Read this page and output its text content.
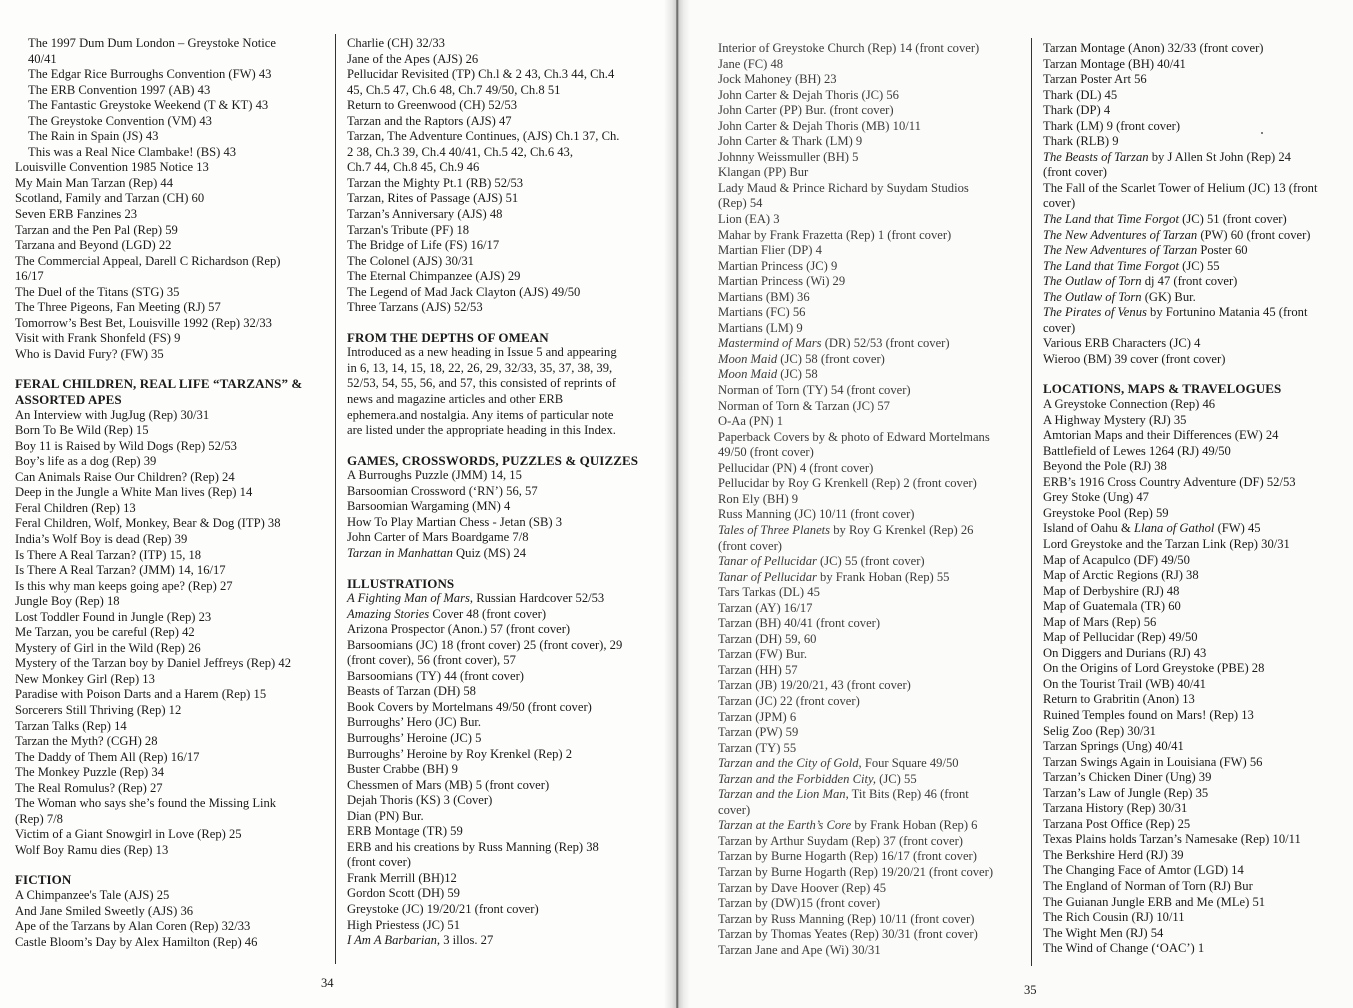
The 1997 Dum Dum London – Greystoke Notice
40/41
The Edgar Rice Burroughs Convention (FW) 43
The ERB Convention 1997 (AB) 43
The Fantastic Greystoke Weekend (T & KT) 43
The Greystoke Convention (VM) 43
The Rain in Spain (JS) 43
This was a Real Nice Clambake! (BS) 43
Louisville Convention 1985 Notice 13
My Main Man Tarzan (Rep) 44
Scotland, Family and Tarzan (CH) 60
Seven ERB Fanzines 23
Tarzan and the Pen Pal (Rep) 59
Tarzana and Beyond (LGD) 22
The Commercial Appeal, Darell C Richardson (Rep)
16/17
The Duel of the Titans (STG) 35
The Three Pigeons, Fan Meeting (RJ) 57
Tomorrow’s Best Bet, Louisville 1992 (Rep) 32/33
Visit with Frank Shonfeld (FS) 9
Who is David Fury? (FW) 35
FERAL CHILDREN, REAL LIFE “TARZANS” &
ASSORTED APES
An Interview with JugJug (Rep) 30/31
Born To Be Wild (Rep) 15
Boy 11 is Raised by Wild Dogs (Rep) 52/53
Boy’s life as a dog (Rep) 39
Can Animals Raise Our Children? (Rep) 24
Deep in the Jungle a White Man lives (Rep) 14
Feral Children (Rep) 13
Feral Children, Wolf, Monkey, Bear & Dog (ITP) 38
India’s Wolf Boy is dead (Rep) 39
Is There A Real Tarzan? (ITP) 15, 18
Is There A Real Tarzan? (JMM) 14, 16/17
Is this why man keeps going ape? (Rep) 27
Jungle Boy (Rep) 18
Lost Toddler Found in Jungle (Rep) 23
Me Tarzan, you be careful (Rep) 42
Mystery of Girl in the Wild (Rep) 26
Mystery of the Tarzan boy by Daniel Jeffreys (Rep) 42
New Monkey Girl (Rep) 13
Paradise with Poison Darts and a Harem (Rep) 15
Sorcerers Still Thriving (Rep) 12
Tarzan Talks (Rep) 14
Tarzan the Myth? (CGH) 28
The Daddy of Them All (Rep) 16/17
The Monkey Puzzle (Rep) 34
The Real Romulus? (Rep) 27
The Woman who says she’s found the Missing Link
(Rep) 7/8
Victim of a Giant Snowgirl in Love (Rep) 25
Wolf Boy Ramu dies (Rep) 13
FICTION
A Chimpanzee's Tale (AJS) 25
And Jane Smiled Sweetly (AJS) 36
Ape of the Tarzans by Alan Coren (Rep) 32/33
Castle Bloom’s Day by Alex Hamilton (Rep) 46
Charlie (CH) 32/33
Jane of the Apes (AJS) 26
Pellucidar Revisited (TP) Ch.l & 2 43, Ch.3 44, Ch.4
45, Ch.5 47, Ch.6 48, Ch.7 49/50, Ch.8 51
Return to Greenwood (CH) 52/53
Tarzan and the Raptors (AJS) 47
Tarzan, The Adventure Continues, (AJS) Ch.1 37, Ch.
2 38, Ch.3 39, Ch.4 40/41, Ch.5 42, Ch.6 43,
Ch.7 44, Ch.8 45, Ch.9 46
Tarzan the Mighty Pt.1 (RB) 52/53
Tarzan, Rites of Passage (AJS) 51
Tarzan’s Anniversary (AJS) 48
Tarzan's Tribute (PF) 18
The Bridge of Life (FS) 16/17
The Colonel (AJS) 30/31
The Eternal Chimpanzee (AJS) 29
The Legend of Mad Jack Clayton (AJS) 49/50
Three Tarzans (AJS) 52/53
FROM THE DEPTHS OF OMEAN
Introduced as a new heading in Issue 5 and appearing
in 6, 13, 14, 15, 18, 22, 26, 29, 32/33, 35, 37, 38, 39,
52/53, 54, 55, 56, and 57, this consisted of reprints of
news and magazine articles and other ERB
ephemera.and nostalgia. Any items of particular note
are listed under the appropriate heading in this Index.
GAMES, CROSSWORDS, PUZZLES & QUIZZES
A Burroughs Puzzle (JMM) 14, 15
Barsoomian Crossword (‘RN’) 56, 57
Barsoomian Wargaming (MN) 4
How To Play Martian Chess - Jetan (SB) 3
John Carter of Mars Boardgame 7/8
Tarzan in Manhattan Quiz (MS) 24
ILLUSTRATIONS
A Fighting Man of Mars, Russian Hardcover 52/53
Amazing Stories Cover 48 (front cover)
Arizona Prospector (Anon.) 57 (front cover)
Barsoomians (JC) 18 (front cover) 25 (front cover), 29
(front cover), 56 (front cover), 57
Barsoomians (TY) 44 (front cover)
Beasts of Tarzan (DH) 58
Book Covers by Mortelmans 49/50 (front cover)
Burroughs’ Hero (JC) Bur.
Burroughs’ Heroine (JC) 5
Burroughs’ Heroine by Roy Krenkel (Rep) 2
Buster Crabbe (BH) 9
Chessmen of Mars (MB) 5 (front cover)
Dejah Thoris (KS) 3 (Cover)
Dian (PN) Bur.
ERB Montage (TR) 59
ERB and his creations by Russ Manning (Rep) 38
(front cover)
Frank Merrill (BH)12
Gordon Scott (DH) 59
Greystoke (JC) 19/20/21 (front cover)
High Priestess (JC) 51
I Am A Barbarian, 3 illos. 27
34
Interior of Greystoke Church (Rep) 14 (front cover)
Jane (FC) 48
Jock Mahoney (BH) 23
John Carter & Dejah Thoris (JC) 56
John Carter (PP) Bur. (front cover)
John Carter & Dejah Thoris (MB) 10/11
John Carter & Thark (LM) 9
Johnny Weissmuller (BH) 5
Klangan (PP) Bur
Lady Maud & Prince Richard by Suydam Studios
(Rep) 54
Lion (EA) 3
Mahar by Frank Frazetta (Rep) 1 (front cover)
Martian Flier (DP) 4
Martian Princess (JC) 9
Martian Princess (Wi) 29
Martians (BM) 36
Martians (FC) 56
Martians (LM) 9
Mastermind of Mars (DR) 52/53 (front cover)
Moon Maid (JC) 58 (front cover)
Moon Maid (JC) 58
Norman of Torn (TY) 54 (front cover)
Norman of Torn & Tarzan (JC) 57
O-Aa (PN) 1
Paperback Covers by & photo of Edward Mortelmans
49/50 (front cover)
Pellucidar (PN) 4 (front cover)
Pellucidar by Roy G Krenkell (Rep) 2 (front cover)
Ron Ely (BH) 9
Russ Manning (JC) 10/11 (front cover)
Tales of Three Planets by Roy G Krenkel (Rep) 26
(front cover)
Tanar of Pellucidar (JC) 55 (front cover)
Tanar of Pellucidar by Frank Hoban (Rep) 55
Tars Tarkas (DL) 45
Tarzan (AY) 16/17
Tarzan (BH) 40/41 (front cover)
Tarzan (DH) 59, 60
Tarzan (FW) Bur.
Tarzan (HH) 57
Tarzan (JB) 19/20/21, 43 (front cover)
Tarzan (JC) 22 (front cover)
Tarzan (JPM) 6
Tarzan (PW) 59
Tarzan (TY) 55
Tarzan and the City of Gold, Four Square 49/50
Tarzan and the Forbidden City, (JC) 55
Tarzan and the Lion Man, Tit Bits (Rep) 46 (front
cover)
Tarzan at the Earth’s Core by Frank Hoban (Rep) 6
Tarzan by Arthur Suydam (Rep) 37 (front cover)
Tarzan by Burne Hogarth (Rep) 16/17 (front cover)
Tarzan by Burne Hogarth (Rep) 19/20/21 (front cover)
Tarzan by Dave Hoover (Rep) 45
Tarzan by (DW)15 (front cover)
Tarzan by Russ Manning (Rep) 10/11 (front cover)
Tarzan by Thomas Yeates (Rep) 30/31 (front cover)
Tarzan Jane and Ape (Wi) 30/31
Tarzan Montage (Anon) 32/33 (front cover)
Tarzan Montage (BH) 40/41
Tarzan Poster Art 56
Thark (DL) 45
Thark (DP) 4
Thark (LM) 9 (front cover)
Thark (RLB) 9
The Beasts of Tarzan by J Allen St John (Rep) 24
(front cover)
The Fall of the Scarlet Tower of Helium (JC) 13 (front
cover)
The Land that Time Forgot (JC) 51 (front cover)
The New Adventures of Tarzan (PW) 60 (front cover)
The New Adventures of Tarzan Poster 60
The Land that Time Forgot (JC) 55
The Outlaw of Torn dj 47 (front cover)
The Outlaw of Torn (GK) Bur.
The Pirates of Venus by Fortunino Matania 45 (front
cover)
Various ERB Characters (JC) 4
Wieroo (BM) 39 cover (front cover)
LOCATIONS, MAPS & TRAVELOGUES
A Greystoke Connection (Rep) 46
A Highway Mystery (RJ) 35
Amtorian Maps and their Differences (EW) 24
Battlefield of Lewes 1264 (RJ) 49/50
Beyond the Pole (RJ) 38
ERB’s 1916 Cross Country Adventure (DF) 52/53
Grey Stoke (Ung) 47
Greystoke Pool (Rep) 59
Island of Oahu & Llana of Gathol (FW) 45
Lord Greystoke and the Tarzan Link (Rep) 30/31
Map of Acapulco (DF) 49/50
Map of Arctic Regions (RJ) 38
Map of Derbyshire (RJ) 48
Map of Guatemala (TR) 60
Map of Mars (Rep) 56
Map of Pellucidar (Rep) 49/50
On Diggers and Durians (RJ) 43
On the Origins of Lord Greystoke (PBE) 28
On the Tourist Trail (WB) 40/41
Return to Grabritin (Anon) 13
Ruined Temples found on Mars! (Rep) 13
Selig Zoo (Rep) 30/31
Tarzan Springs (Ung) 40/41
Tarzan Swings Again in Louisiana (FW) 56
Tarzan’s Chicken Diner (Ung) 39
Tarzan’s Law of Jungle (Rep) 35
Tarzana History (Rep) 30/31
Tarzana Post Office (Rep) 25
Texas Plains holds Tarzan’s Namesake (Rep) 10/11
The Berkshire Herd (RJ) 39
The Changing Face of Amtor (LGD) 14
The England of Norman of Torn (RJ) Bur
The Guianan Jungle ERB and Me (MLe) 51
The Rich Cousin (RJ) 10/11
The Wight Men (RJ) 54
The Wind of Change (‘OAC’) 1
35
